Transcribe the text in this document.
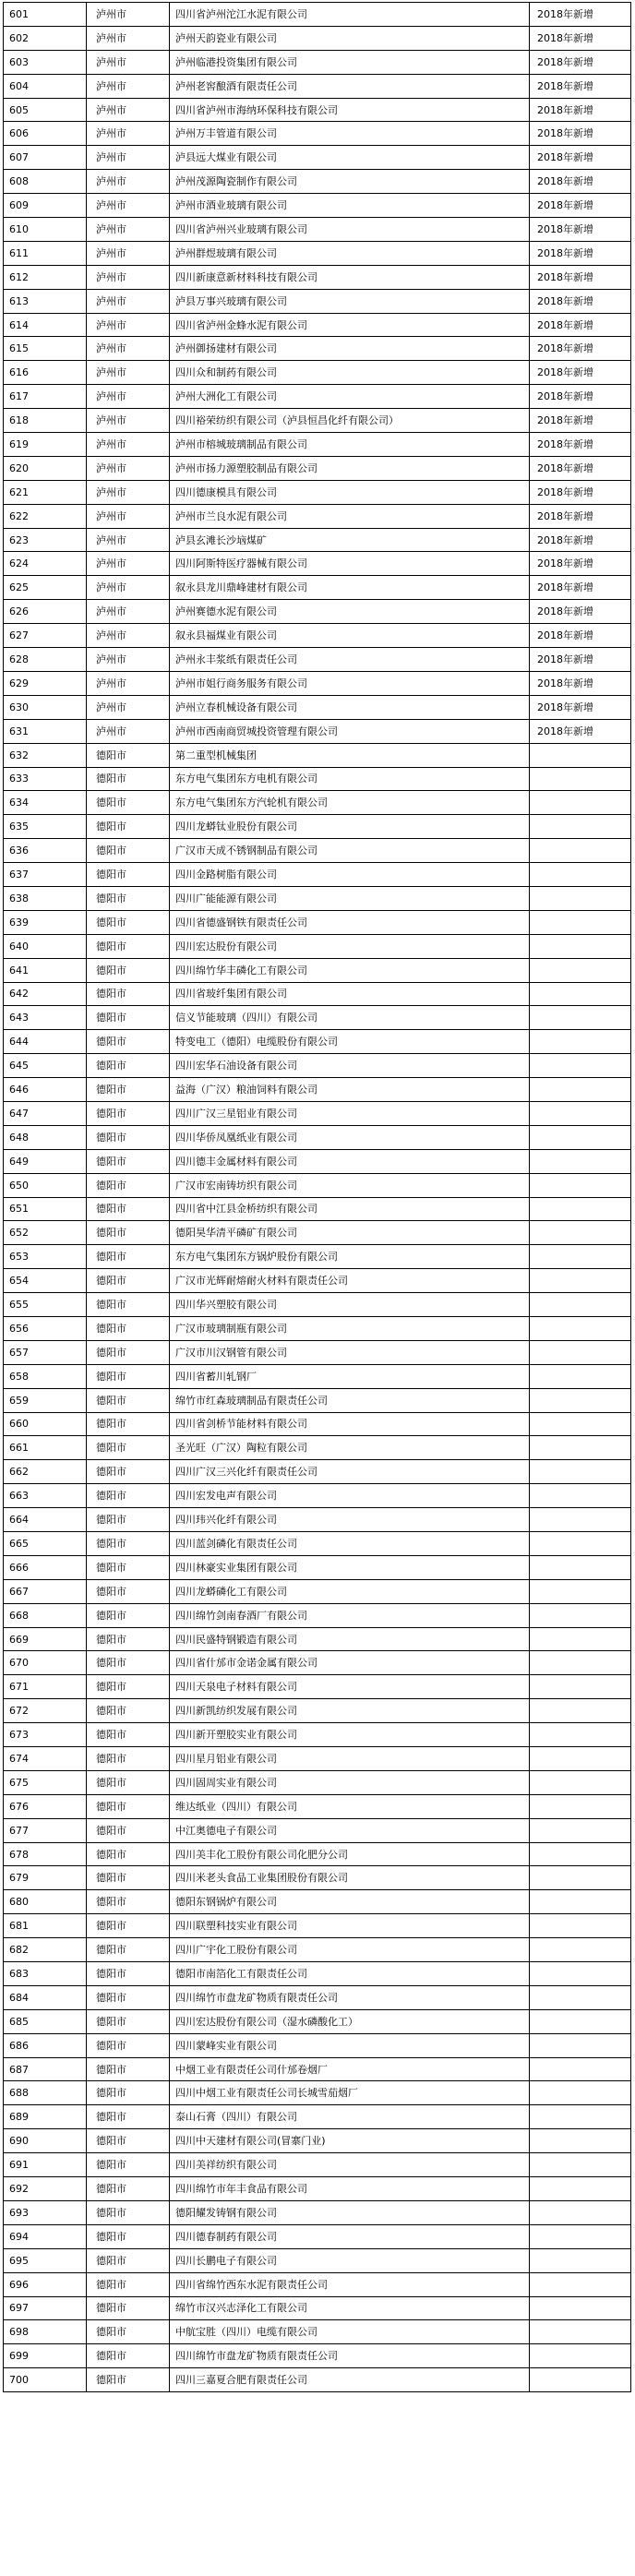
601	泸州市	四川省泸州沱江水泥有限公司	2018年新增
602	泸州市	泸州天韵瓷业有限公司	2018年新增
603	泸州市	泸州临港投资集团有限公司	2018年新增
604	泸州市	泸州老窖酿酒有限责任公司	2018年新增
605	泸州市	四川省泸州市海纳环保科技有限公司	2018年新增
606	泸州市	泸州万丰管道有限公司	2018年新增
607	泸州市	泸县远大煤业有限公司	2018年新增
608	泸州市	泸州茂源陶瓷制作有限公司	2018年新增
609	泸州市	泸州市酒业玻璃有限公司	2018年新增
610	泸州市	四川省泸州兴业玻璃有限公司	2018年新增
611	泸州市	泸州群煜玻璃有限公司	2018年新增
612	泸州市	四川新康意新材料科技有限公司	2018年新增
613	泸州市	泸县万事兴玻璃有限公司	2018年新增
614	泸州市	四川省泸州金蜂水泥有限公司	2018年新增
615	泸州市	泸州御扬建材有限公司	2018年新增
616	泸州市	四川众和制药有限公司	2018年新增
617	泸州市	泸州大洲化工有限公司	2018年新增
618	泸州市	四川裕荣纺织有限公司（泸县恒昌化纤有限公司）	2018年新增
619	泸州市	泸州市榕城玻璃制品有限公司	2018年新增
620	泸州市	泸州市扬力源塑胶制品有限公司	2018年新增
621	泸州市	四川德康模具有限公司	2018年新增
622	泸州市	泸州市兰良水泥有限公司	2018年新增
623	泸州市	泸县玄滩长沙垴煤矿	2018年新增
624	泸州市	四川阿斯特医疗器械有限公司	2018年新增
625	泸州市	叙永县龙川鼎峰建材有限公司	2018年新增
626	泸州市	泸州赛德水泥有限公司	2018年新增
627	泸州市	叙永县福煤业有限公司	2018年新增
628	泸州市	泸州永丰浆纸有限责任公司	2018年新增
629	泸州市	泸州市姐行商务服务有限公司	2018年新增
630	泸州市	泸州立春机械设备有限公司	2018年新增
631	泸州市	泸州市西南商贸城投资管理有限公司	2018年新增
632	德阳市	第二重型机械集团	
633	德阳市	东方电气集团东方电机有限公司	
634	德阳市	东方电气集团东方汽轮机有限公司	
635	德阳市	四川龙蟒钛业股份有限公司	
636	德阳市	广汉市天成不锈钢制品有限公司	
637	德阳市	四川金路树脂有限公司	
638	德阳市	四川广能能源有限公司	
639	德阳市	四川省德盛钢铁有限责任公司	
640	德阳市	四川宏达股份有限公司	
641	德阳市	四川绵竹华丰磷化工有限公司	
642	德阳市	四川省玻纤集团有限公司	
643	德阳市	信义节能玻璃（四川）有限公司	
644	德阳市	特变电工（德阳）电缆股份有限公司	
645	德阳市	四川宏华石油设备有限公司	
646	德阳市	益海（广汉）粮油饲料有限公司	
647	德阳市	四川广汉三星铝业有限公司	
648	德阳市	四川华侨凤凰纸业有限公司	
649	德阳市	四川德丰金属材料有限公司	
650	德阳市	广汉市宏南铸坊织有限公司	
651	德阳市	四川省中江县金桥纺织有限公司	
652	德阳市	德阳昊华清平磷矿有限公司	
653	德阳市	东方电气集团东方锅炉股份有限公司	
654	德阳市	广汉市光辉耐熔耐火材料有限责任公司	
655	德阳市	四川华兴塑胶有限公司	
656	德阳市	广汉市玻璃制瓶有限公司	
657	德阳市	广汉市川汉钢管有限公司	
658	德阳市	四川省蓄川轧钢厂	
659	德阳市	绵竹市红森玻璃制品有限责任公司	
660	德阳市	四川省剑桥节能材料有限公司	
661	德阳市	圣光旺（广汉）陶粒有限公司	
662	德阳市	四川广汉三兴化纤有限责任公司	
663	德阳市	四川宏发电声有限公司	
664	德阳市	四川玮兴化纤有限公司	
665	德阳市	四川蓝剑磷化有限责任公司	
666	德阳市	四川林豪实业集团有限公司	
667	德阳市	四川龙蟒磷化工有限公司	
668	德阳市	四川绵竹剑南春酒厂有限公司	
669	德阳市	四川民盛特钢锻造有限公司	
670	德阳市	四川省什邡市金诺金属有限公司	
671	德阳市	四川天泉电子材料有限公司	
672	德阳市	四川新凯纺织发展有限公司	
673	德阳市	四川新开塑胶实业有限公司	
674	德阳市	四川星月铝业有限公司	
675	德阳市	四川固周实业有限公司	
676	德阳市	维达纸业（四川）有限公司	
677	德阳市	中江奥德电子有限公司	
678	德阳市	四川美丰化工股份有限公司化肥分公司	
679	德阳市	四川米老头食品工业集团股份有限公司	
680	德阳市	德阳东钢锅炉有限公司	
681	德阳市	四川联塑科技实业有限公司	
682	德阳市	四川广宇化工股份有限公司	
683	德阳市	德阳市南箔化工有限责任公司	
684	德阳市	四川绵竹市盘龙矿物质有限责任公司	
685	德阳市	四川宏达股份有限公司（湿水磷酸化工）	
686	德阳市	四川蒙峰实业有限公司	
687	德阳市	中烟工业有限责任公司什邡卷烟厂	
688	德阳市	四川中烟工业有限责任公司长城雪茄烟厂	
689	德阳市	泰山石膏（四川）有限公司	
690	德阳市	四川中天建材有限公司(冒寨门业)	
691	德阳市	四川美祥纺织有限公司	
692	德阳市	四川绵竹市年丰食品有限公司	
693	德阳市	德阳耀发铸钢有限公司	
694	德阳市	四川德春制药有限公司	
695	德阳市	四川长鹏电子有限公司	
696	德阳市	四川省绵竹西东水泥有限责任公司	
697	德阳市	绵竹市汉兴志泽化工有限公司	
698	德阳市	中航宝胜（四川）电缆有限公司	
699	德阳市	四川绵竹市盘龙矿物质有限责任公司	
700	德阳市	四川三嘉夏合肥有限责任公司	
